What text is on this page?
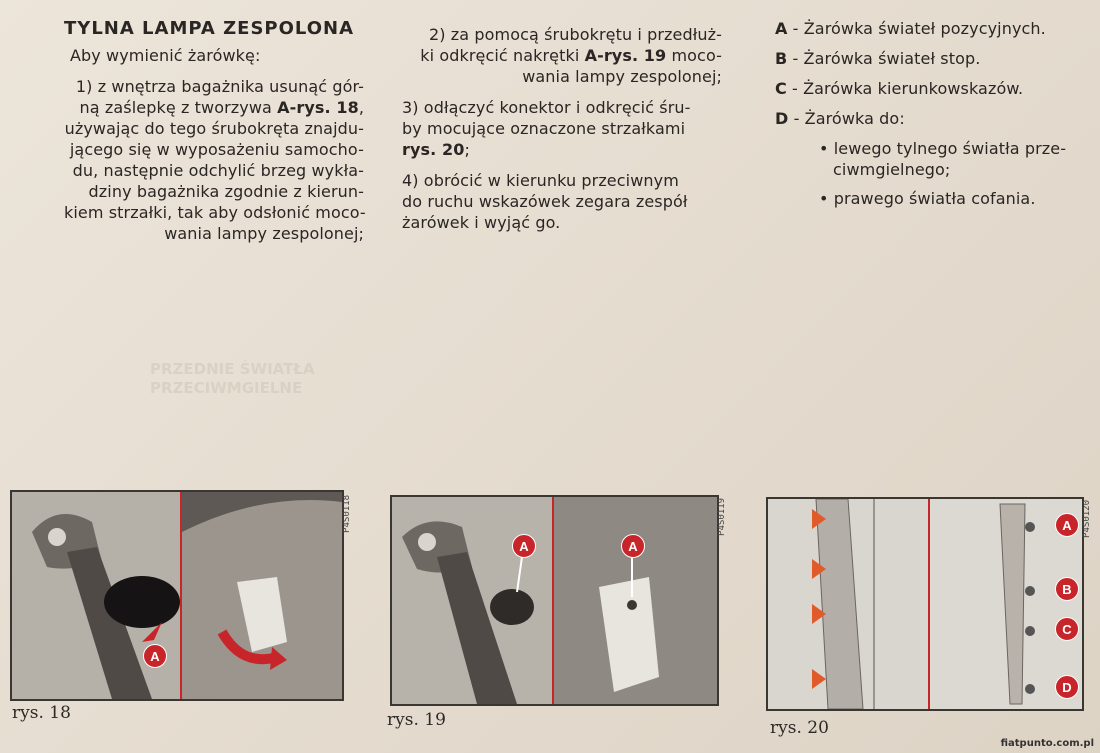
PRZEDNIE ŚWIATŁA
PRZECIWMGIELNE
TYLNA LAMPA ZESPOLONA

Aby wymienić żarówkę:

1) z wnętrza bagażnika usunąć gór-
ną zaślepkę z tworzywa A-rys. 18,
używając do tego śrubokręta znajdu-
jącego się w wyposażeniu samocho-
du, następnie odchylić brzeg wykła-
dziny bagażnika zgodnie z kierun-
kiem strzałki, tak aby odsłonić moco-
wania lampy zespolonej;

2) za pomocą śrubokrętu i przedłuż-
ki odkręcić nakrętki A-rys. 19 moco-
wania lampy zespolonej;

3) odłączyć konektor i odkręcić śru-
by mocujące oznaczone strzałkami
rys. 20;

4) obrócić w kierunku przeciwnym
do ruchu wskazówek zegara zespół
żarówek i wyjąć go.

A - Żarówka świateł pozycyjnych.
B - Żarówka świateł stop.
C - Żarówka kierunkowskazów.
D - Żarówka do:
• lewego tylnego światła prze-
ciwmgielnego;
• prawego światła cofania.
A
P4S0118
rys. 18
A	A
P4S0119
rys. 19
A
B
C
D
P4S0120
rys. 20
fiatpunto.com.pl
